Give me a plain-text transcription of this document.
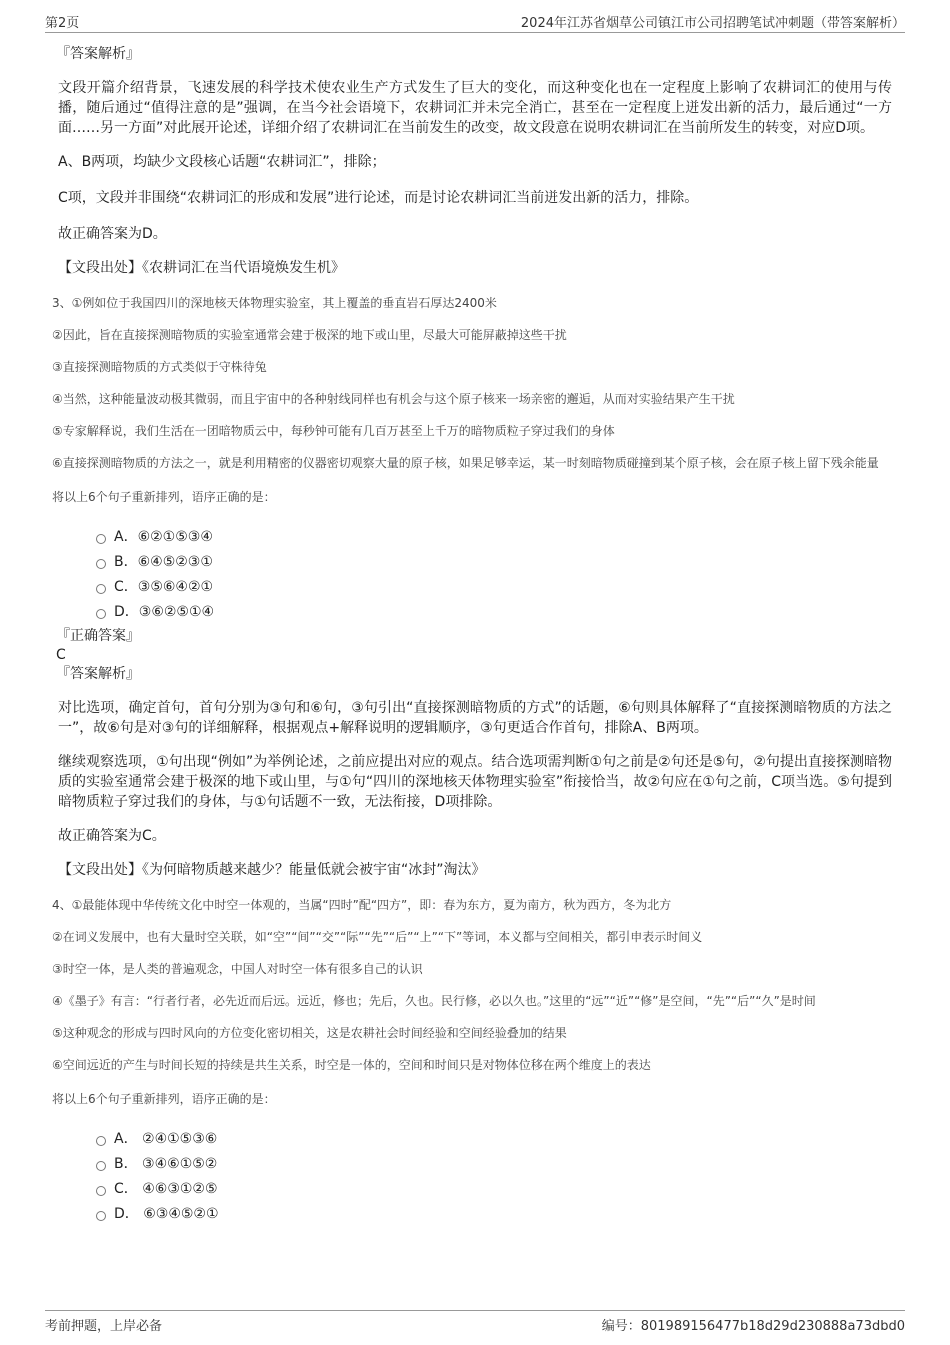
第2页	2024年江苏省烟草公司镇江市公司招聘笔试冲刺题（带答案解析）
『答案解析』
文段开篇介绍背景，飞速发展的科学技术使农业生产方式发生了巨大的变化，而这种变化也在一定程度上影响了农耕词汇的使用与传播，随后通过“值得注意的是”强调，在当今社会语境下，农耕词汇并未完全消亡，甚至在一定程度上迸发出新的活力，最后通过“一方面……另一方面”对此展开论述，详细介绍了农耕词汇在当前发生的改变，故文段意在说明农耕词汇在当前所发生的转变，对应D项。
A、B两项，均缺少文段核心话题“农耕词汇”，排除；
C项，文段并非围绕“农耕词汇的形成和发展”进行论述，而是讨论农耕词汇当前迸发出新的活力，排除。
故正确答案为D。
【文段出处】《农耕词汇在当代语境焕发生机》

3、①例如位于我国四川的深地核天体物理实验室，其上覆盖的垂直岩石厚达2400米

②因此，旨在直接探测暗物质的实验室通常会建于极深的地下或山里，尽最大可能屏蔽掉这些干扰

③直接探测暗物质的方式类似于守株待兔

④当然，这种能量波动极其微弱，而且宇宙中的各种射线同样也有机会与这个原子核来一场亲密的邂逅，从而对实验结果产生干扰

⑤专家解释说，我们生活在一团暗物质云中，每秒钟可能有几百万甚至上千万的暗物质粒子穿过我们的身体

⑥直接探测暗物质的方法之一，就是利用精密的仪器密切观察大量的原子核，如果足够幸运，某一时刻暗物质碰撞到某个原子核，会在原子核上留下残余能量

将以上6个句子重新排列，语序正确的是：

A．⑥②①⑤③④
B．⑥④⑤②③①
C．③⑤⑥④②①
D．③⑥②⑤①④
『正确答案』
C
『答案解析』
对比选项，确定首句，首句分别为③句和⑥句，③句引出“直接探测暗物质的方式”的话题，⑥句则具体解释了“直接探测暗物质的方法之一”，故⑥句是对③句的详细解释，根据观点+解释说明的逻辑顺序，③句更适合作首句，排除A、B两项。
继续观察选项，①句出现“例如”为举例论述，之前应提出对应的观点。结合选项需判断①句之前是②句还是⑤句，②句提出直接探测暗物质的实验室通常会建于极深的地下或山里，与①句“四川的深地核天体物理实验室”衔接恰当，故②句应在①句之前，C项当选。⑤句提到暗物质粒子穿过我们的身体，与①句话题不一致，无法衔接，D项排除。
故正确答案为C。
【文段出处】《为何暗物质越来越少？能量低就会被宇宙“冰封”淘汰》

4、①最能体现中华传统文化中时空一体观的，当属“四时”配“四方”，即：春为东方，夏为南方，秋为西方，冬为北方

②在词义发展中，也有大量时空关联，如“空”“间”“交”“际”“先”“后”“上”“下”等词，本义都与空间相关，都引申表示时间义

③时空一体，是人类的普遍观念，中国人对时空一体有很多自己的认识

④《墨子》有言：“行者行者，必先近而后远。远近，修也；先后，久也。民行修，必以久也。”这里的“远”“近”“修”是空间，“先”“后”“久”是时间

⑤这种观念的形成与四时风向的方位变化密切相关，这是农耕社会时间经验和空间经验叠加的结果

⑥空间远近的产生与时间长短的持续是共生关系，时空是一体的，空间和时间只是对物体位移在两个维度上的表达

将以上6个句子重新排列，语序正确的是：

A． ②④①⑤③⑥
B． ③④⑥①⑤②
C． ④⑥③①②⑤
D． ⑥③④⑤②①
考前押题，上岸必备	编号：801989156477b18d29d230888a73dbd0
